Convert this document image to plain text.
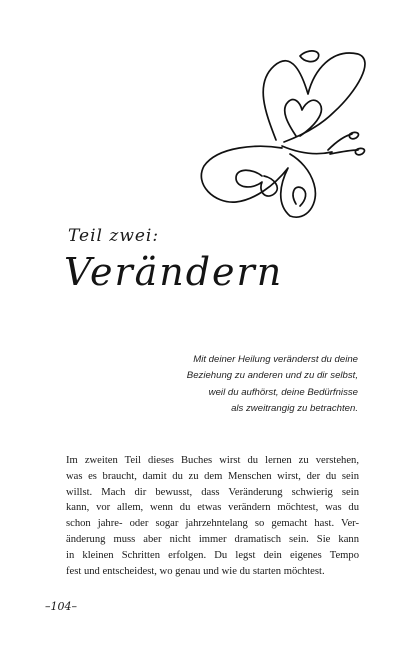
Teil zwei:
Verändern
Mit deiner Heilung veränderst du deine
Beziehung zu anderen und zu dir selbst,
weil du aufhörst, deine Bedürfnisse
als zweitrangig zu betrachten.
Im zweiten Teil dieses Buches wirst du lernen zu verstehen,
was es braucht, damit du zu dem Menschen wirst, der du sein
willst. Mach dir bewusst, dass Veränderung schwierig sein
kann, vor allem, wenn du etwas verändern möchtest, was du
schon jahre- oder sogar jahrzehntelang so gemacht hast. Ver-
änderung muss aber nicht immer dramatisch sein. Sie kann
in kleinen Schritten erfolgen. Du legst dein eigenes Tempo
fest und entscheidest, wo genau und wie du starten möchtest.
–104–
